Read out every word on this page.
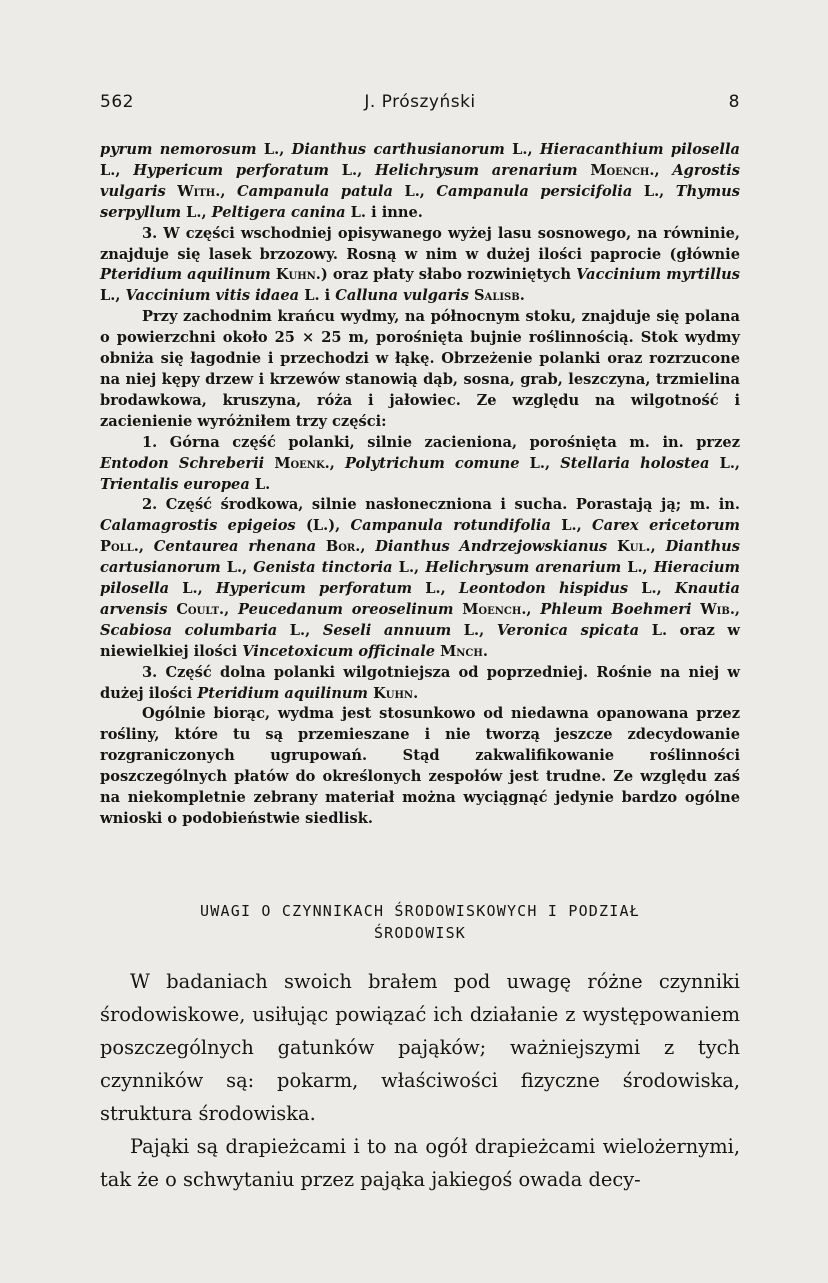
562	J. Prószyński	8

pyrum nemorosum L., Dianthus carthusianorum L., Hieracanthium pilosella L., Hypericum perforatum L., Helichrysum arenarium Moench., Agrostis vulgaris With., Campanula patula L., Campanula persicifolia L., Thymus serpyllum L., Peltigera canina L. i inne.

3. W części wschodniej opisywanego wyżej lasu sosnowego, na równinie, znajduje się lasek brzozowy. Rosną w nim w dużej ilości paprocie (głównie Pteridium aquilinum Kuhn.) oraz płaty słabo rozwiniętych Vaccinium myrtillus L., Vaccinium vitis idaea L. i Calluna vulgaris Salisb.

Przy zachodnim krańcu wydmy, na północnym stoku, znajduje się polana o powierzchni około 25 × 25 m, porośnięta bujnie roślinnością. Stok wydmy obniża się łagodnie i przechodzi w łąkę. Obrzeżenie polanki oraz rozrzucone na niej kępy drzew i krzewów stanowią dąb, sosna, grab, leszczyna, trzmielina brodawkowa, kruszyna, róża i jałowiec. Ze względu na wilgotność i zacienienie wyróżniłem trzy części:

1. Górna część polanki, silnie zacieniona, porośnięta m. in. przez Entodon Schreberii Moenk., Polytrichum comune L., Stellaria holostea L., Trientalis europea L.

2. Część środkowa, silnie nasłoneczniona i sucha. Porastają ją; m. in. Calamagrostis epigeios (L.), Campanula rotundifolia L., Carex ericetorum Poll., Centaurea rhenana Bor., Dianthus Andrzejowskianus Kul., Dianthus cartusianorum L., Genista tinctoria L., Helichrysum arenarium L., Hieracium pilosella L., Hypericum perforatum L., Leontodon hispidus L., Knautia arvensis Coult., Peucedanum oreoselinum Moench., Phleum Boehmeri Wib., Scabiosa columbaria L., Seseli annuum L., Veronica spicata L. oraz w niewielkiej ilości Vincetoxicum officinale Mnch.

3. Część dolna polanki wilgotniejsza od poprzedniej. Rośnie na niej w dużej ilości Pteridium aquilinum Kuhn.

Ogólnie biorąc, wydma jest stosunkowo od niedawna opanowana przez rośliny, które tu są przemieszane i nie tworzą jeszcze zdecydowanie rozgraniczonych ugrupowań. Stąd zakwalifikowanie roślinności poszczególnych płatów do określonych zespołów jest trudne. Ze względu zaś na niekompletnie zebrany materiał można wyciągnąć jedynie bardzo ogólne wnioski o podobieństwie siedlisk.

UWAGI O CZYNNIKACH ŚRODOWISKOWYCH I PODZIAŁ
ŚRODOWISK

W badaniach swoich brałem pod uwagę różne czynniki środowiskowe, usiłując powiązać ich działanie z występowaniem poszczególnych gatunków pająków; ważniejszymi z tych czynników są: pokarm, właściwości fizyczne środowiska, struktura środowiska.

Pająki są drapieżcami i to na ogół drapieżcami wielożernymi, tak że o schwytaniu przez pająka jakiegoś owada decy-
